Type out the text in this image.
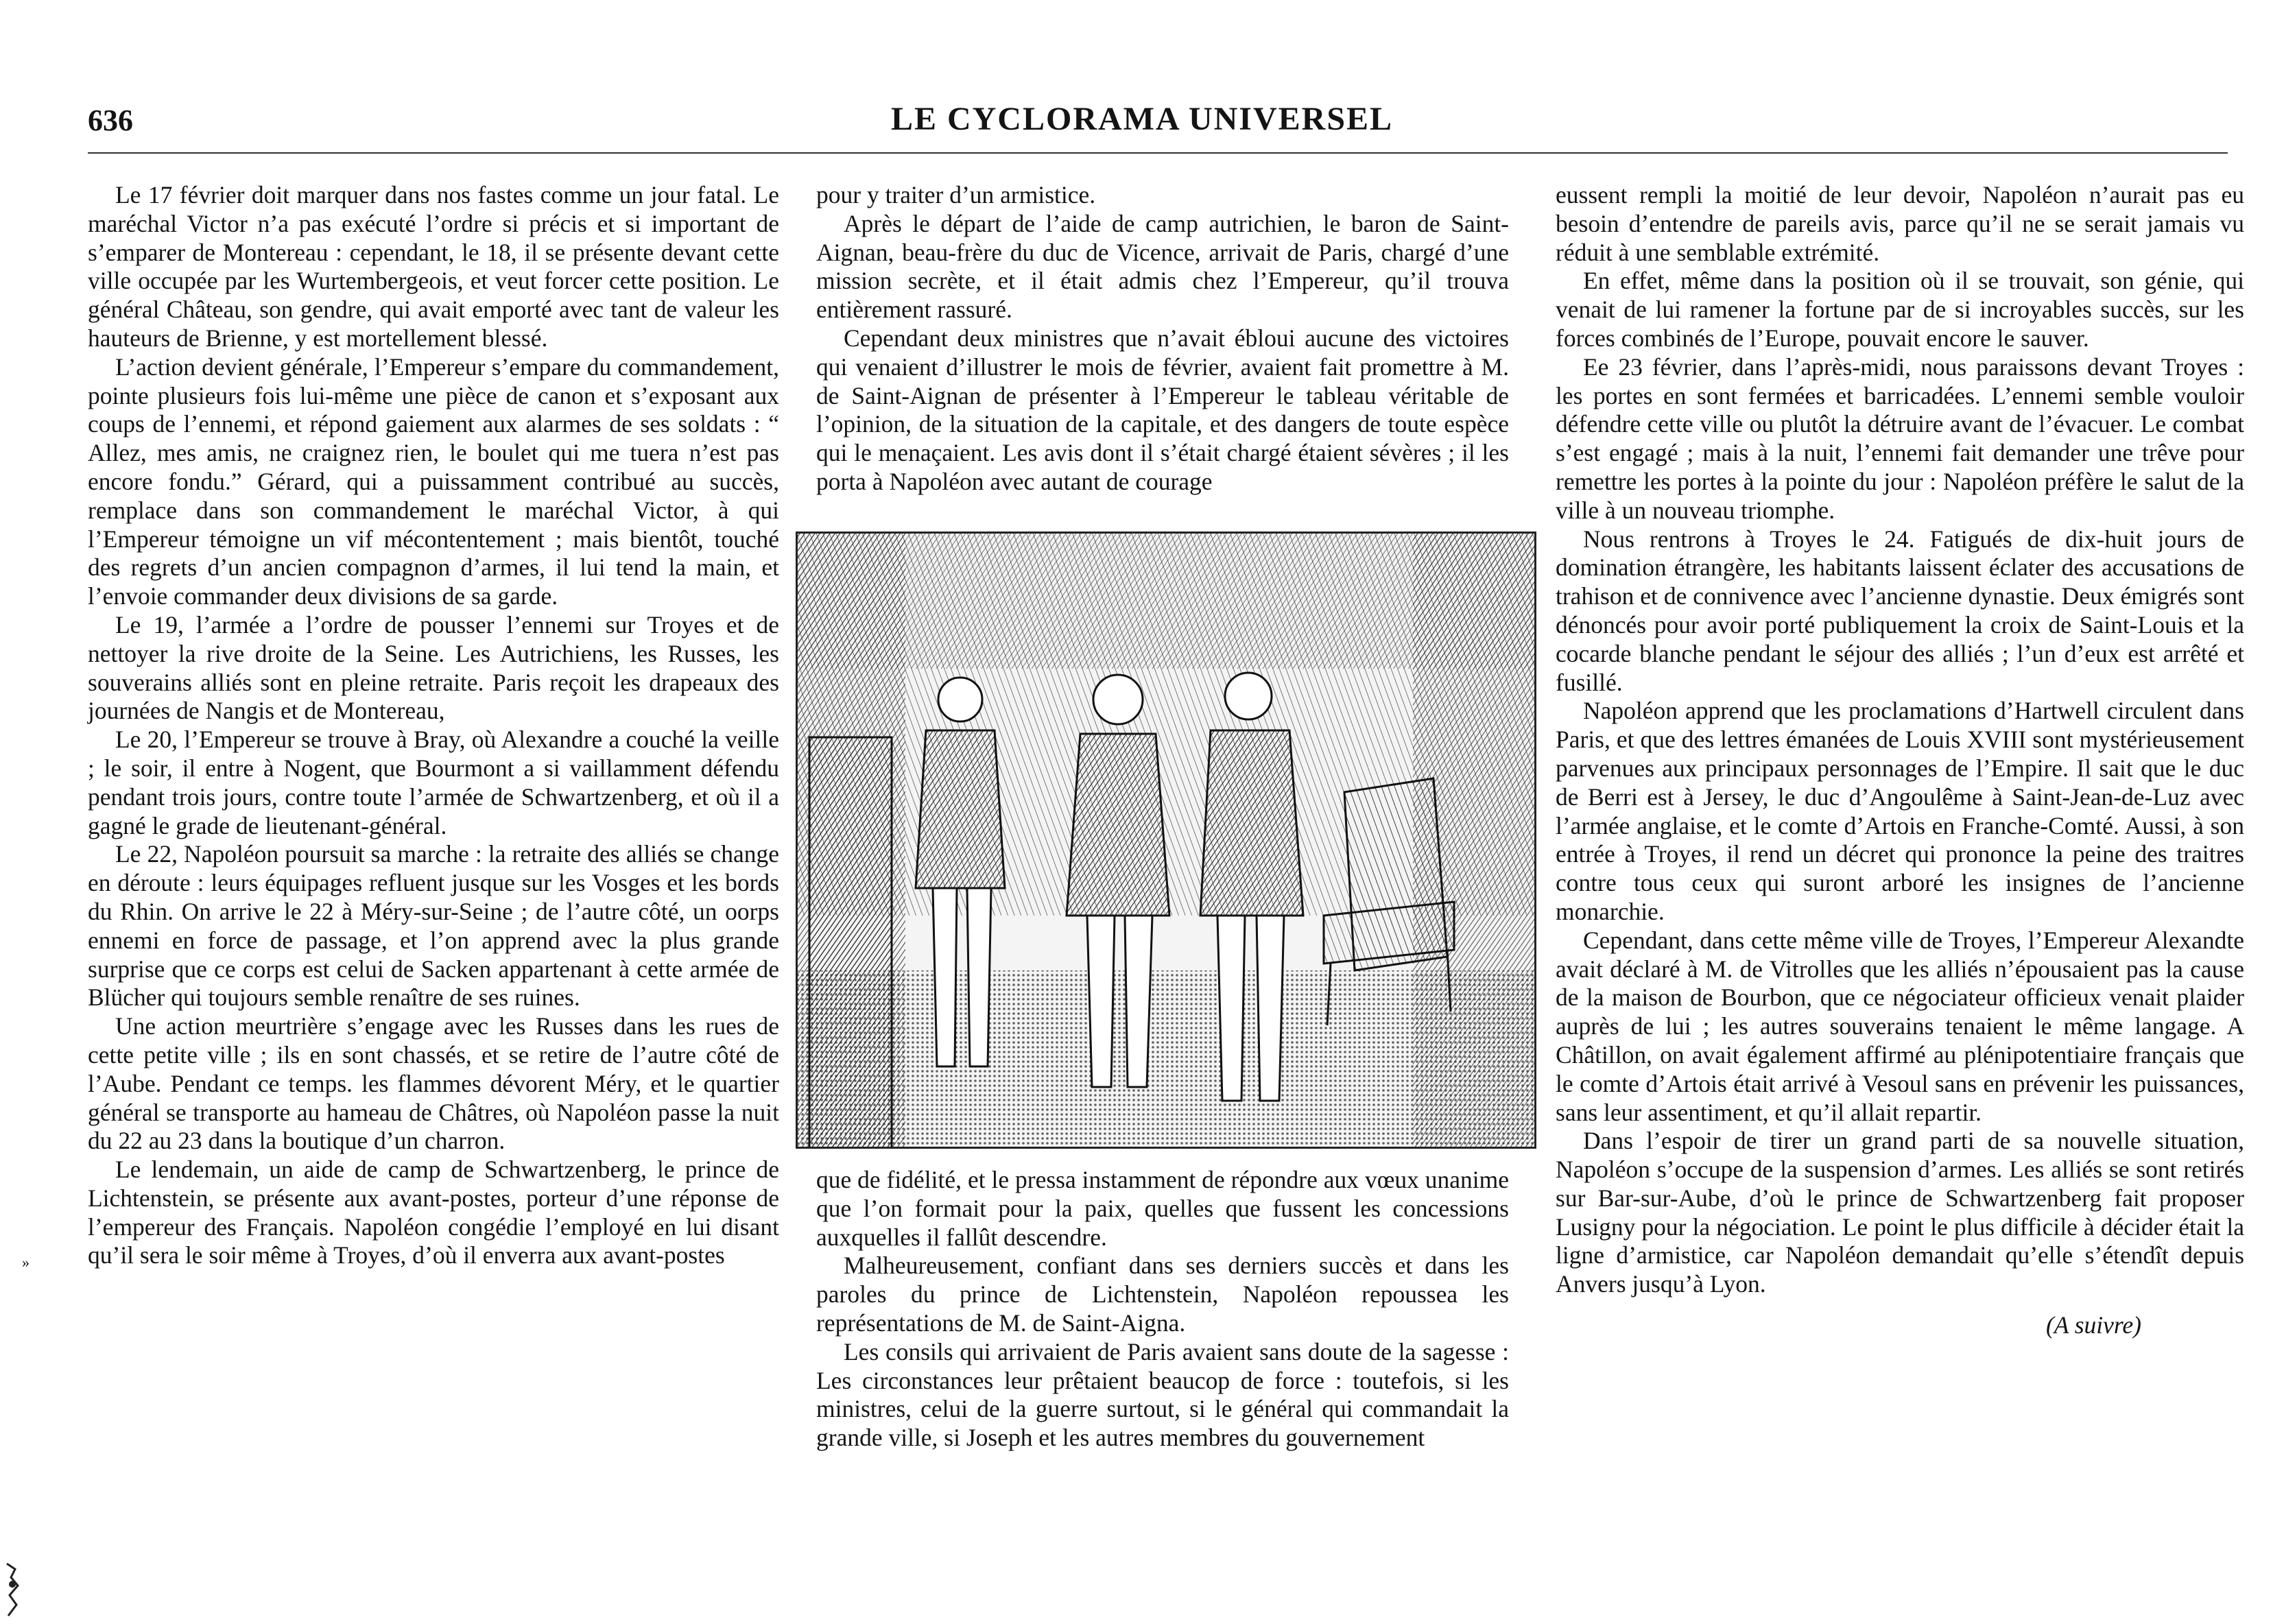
636	LE CYCLORAMA UNIVERSEL

Le 17 février doit marquer dans nos fastes comme un jour fatal. Le maréchal Victor n’a pas exécuté l’ordre si précis et si important de s’emparer de Montereau : cependant, le 18, il se présente devant cette ville occupée par les Wurtembergeois, et veut forcer cette position. Le général Château, son gendre, qui avait emporté avec tant de valeur les hauteurs de Brienne, y est mortellement blessé.

L’action devient générale, l’Empereur s’empare du commandement, pointe plusieurs fois lui-même une pièce de canon et s’exposant aux coups de l’ennemi, et répond gaiement aux alarmes de ses soldats : “ Allez, mes amis, ne craignez rien, le boulet qui me tuera n’est pas encore fondu.” Gérard, qui a puissamment contribué au succès, remplace dans son commandement le maréchal Victor, à qui l’Empereur témoigne un vif mécontentement ; mais bientôt, touché des regrets d’un ancien compagnon d’armes, il lui tend la main, et l’envoie commander deux divisions de sa garde.

Le 19, l’armée a l’ordre de pousser l’ennemi sur Troyes et de nettoyer la rive droite de la Seine. Les Autrichiens, les Russes, les souverains alliés sont en pleine retraite. Paris reçoit les drapeaux des journées de Nangis et de Montereau,

Le 20, l’Empereur se trouve à Bray, où Alexandre a couché la veille ; le soir, il entre à Nogent, que Bourmont a si vaillamment défendu pendant trois jours, contre toute l’armée de Schwartzenberg, et où il a gagné le grade de lieutenant-général.

Le 22, Napoléon poursuit sa marche : la retraite des alliés se change en déroute : leurs équipages refluent jusque sur les Vosges et les bords du Rhin. On arrive le 22 à Méry-sur-Seine ; de l’autre côté, un oorps ennemi en force de passage, et l’on apprend avec la plus grande surprise que ce corps est celui de Sacken appartenant à cette armée de Blücher qui toujours semble renaître de ses ruines.

Une action meurtrière s’engage avec les Russes dans les rues de cette petite ville ; ils en sont chassés, et se retire de l’autre côté de l’Aube. Pendant ce temps. les flammes dévorent Méry, et le quartier général se transporte au hameau de Châtres, où Napoléon passe la nuit du 22 au 23 dans la boutique d’un charron.

Le lendemain, un aide de camp de Schwartzenberg, le prince de Lichtenstein, se présente aux avant-postes, porteur d’une réponse de l’empereur des Français. Napoléon congédie l’employé en lui disant qu’il sera le soir même à Troyes, d’où il enverra aux avant-postes

pour y traiter d’un armistice.

Après le départ de l’aide de camp autrichien, le baron de Saint-Aignan, beau-frère du duc de Vicence, arrivait de Paris, chargé d’une mission secrète, et il était admis chez l’Empereur, qu’il trouva entièrement rassuré.

Cependant deux ministres que n’avait ébloui aucune des victoires qui venaient d’illustrer le mois de février, avaient fait promettre à M. de Saint-Aignan de présenter à l’Empereur le tableau véritable de l’opinion, de la situation de la capitale, et des dangers de toute espèce qui le menaçaient. Les avis dont il s’était chargé étaient sévères ; il les porta à Napoléon avec autant de courage

que de fidélité, et le pressa instamment de répondre aux vœux unanime que l’on formait pour la paix, quelles que fussent les concessions auxquelles il fallût descendre.

Malheureusement, confiant dans ses derniers succès et dans les paroles du prince de Lichtenstein, Napoléon repoussea les représentations de M. de Saint-Aigna.

Les consils qui arrivaient de Paris avaient sans doute de la sagesse : Les circonstances leur prêtaient beaucop de force : toutefois, si les ministres, celui de la guerre surtout, si le général qui commandait la grande ville, si Joseph et les autres membres du gouvernement

eussent rempli la moitié de leur devoir, Napoléon n’aurait pas eu besoin d’entendre de pareils avis, parce qu’il ne se serait jamais vu réduit à une semblable extrémité.

En effet, même dans la position où il se trouvait, son génie, qui venait de lui ramener la fortune par de si incroyables succès, sur les forces combinés de l’Europe, pouvait encore le sauver.

Ee 23 février, dans l’après-midi, nous paraissons devant Troyes : les portes en sont fermées et barricadées. L’ennemi semble vouloir défendre cette ville ou plutôt la détruire avant de l’évacuer. Le combat s’est engagé ; mais à la nuit, l’ennemi fait demander une trêve pour remettre les portes à la pointe du jour : Napoléon préfère le salut de la ville à un nouveau triomphe.

Nous rentrons à Troyes le 24. Fatigués de dix-huit jours de domination étrangère, les habitants laissent éclater des accusations de trahison et de connivence avec l’ancienne dynastie. Deux émigrés sont dénoncés pour avoir porté publiquement la croix de Saint-Louis et la cocarde blanche pendant le séjour des alliés ; l’un d’eux est arrêté et fusillé.

Napoléon apprend que les proclamations d’Hartwell circulent dans Paris, et que des lettres émanées de Louis XVIII sont mystérieusement parvenues aux principaux personnages de l’Empire. Il sait que le duc de Berri est à Jersey, le duc d’Angoulême à Saint-Jean-de-Luz avec l’armée anglaise, et le comte d’Artois en Franche-Comté. Aussi, à son entrée à Troyes, il rend un décret qui prononce la peine des traitres contre tous ceux qui suront arboré les insignes de l’ancienne monarchie.

Cependant, dans cette même ville de Troyes, l’Empereur Alexandte avait déclaré à M. de Vitrolles que les alliés n’épousaient pas la cause de la maison de Bourbon, que ce négociateur officieux venait plaider auprès de lui ; les autres souverains tenaient le même langage. A Châtillon, on avait également affirmé au plénipotentiaire français que le comte d’Artois était arrivé à Vesoul sans en prévenir les puissances, sans leur assentiment, et qu’il allait repartir.

Dans l’espoir de tirer un grand parti de sa nouvelle situation, Napoléon s’occupe de la suspension d’armes. Les alliés se sont retirés sur Bar-sur-Aube, d’où le prince de Schwartzenberg fait proposer Lusigny pour la négociation. Le point le plus difficile à décider était la ligne d’armistice, car Napoléon demandait qu’elle s’étendît depuis Anvers jusqu’à Lyon.

(A suivre)

»
